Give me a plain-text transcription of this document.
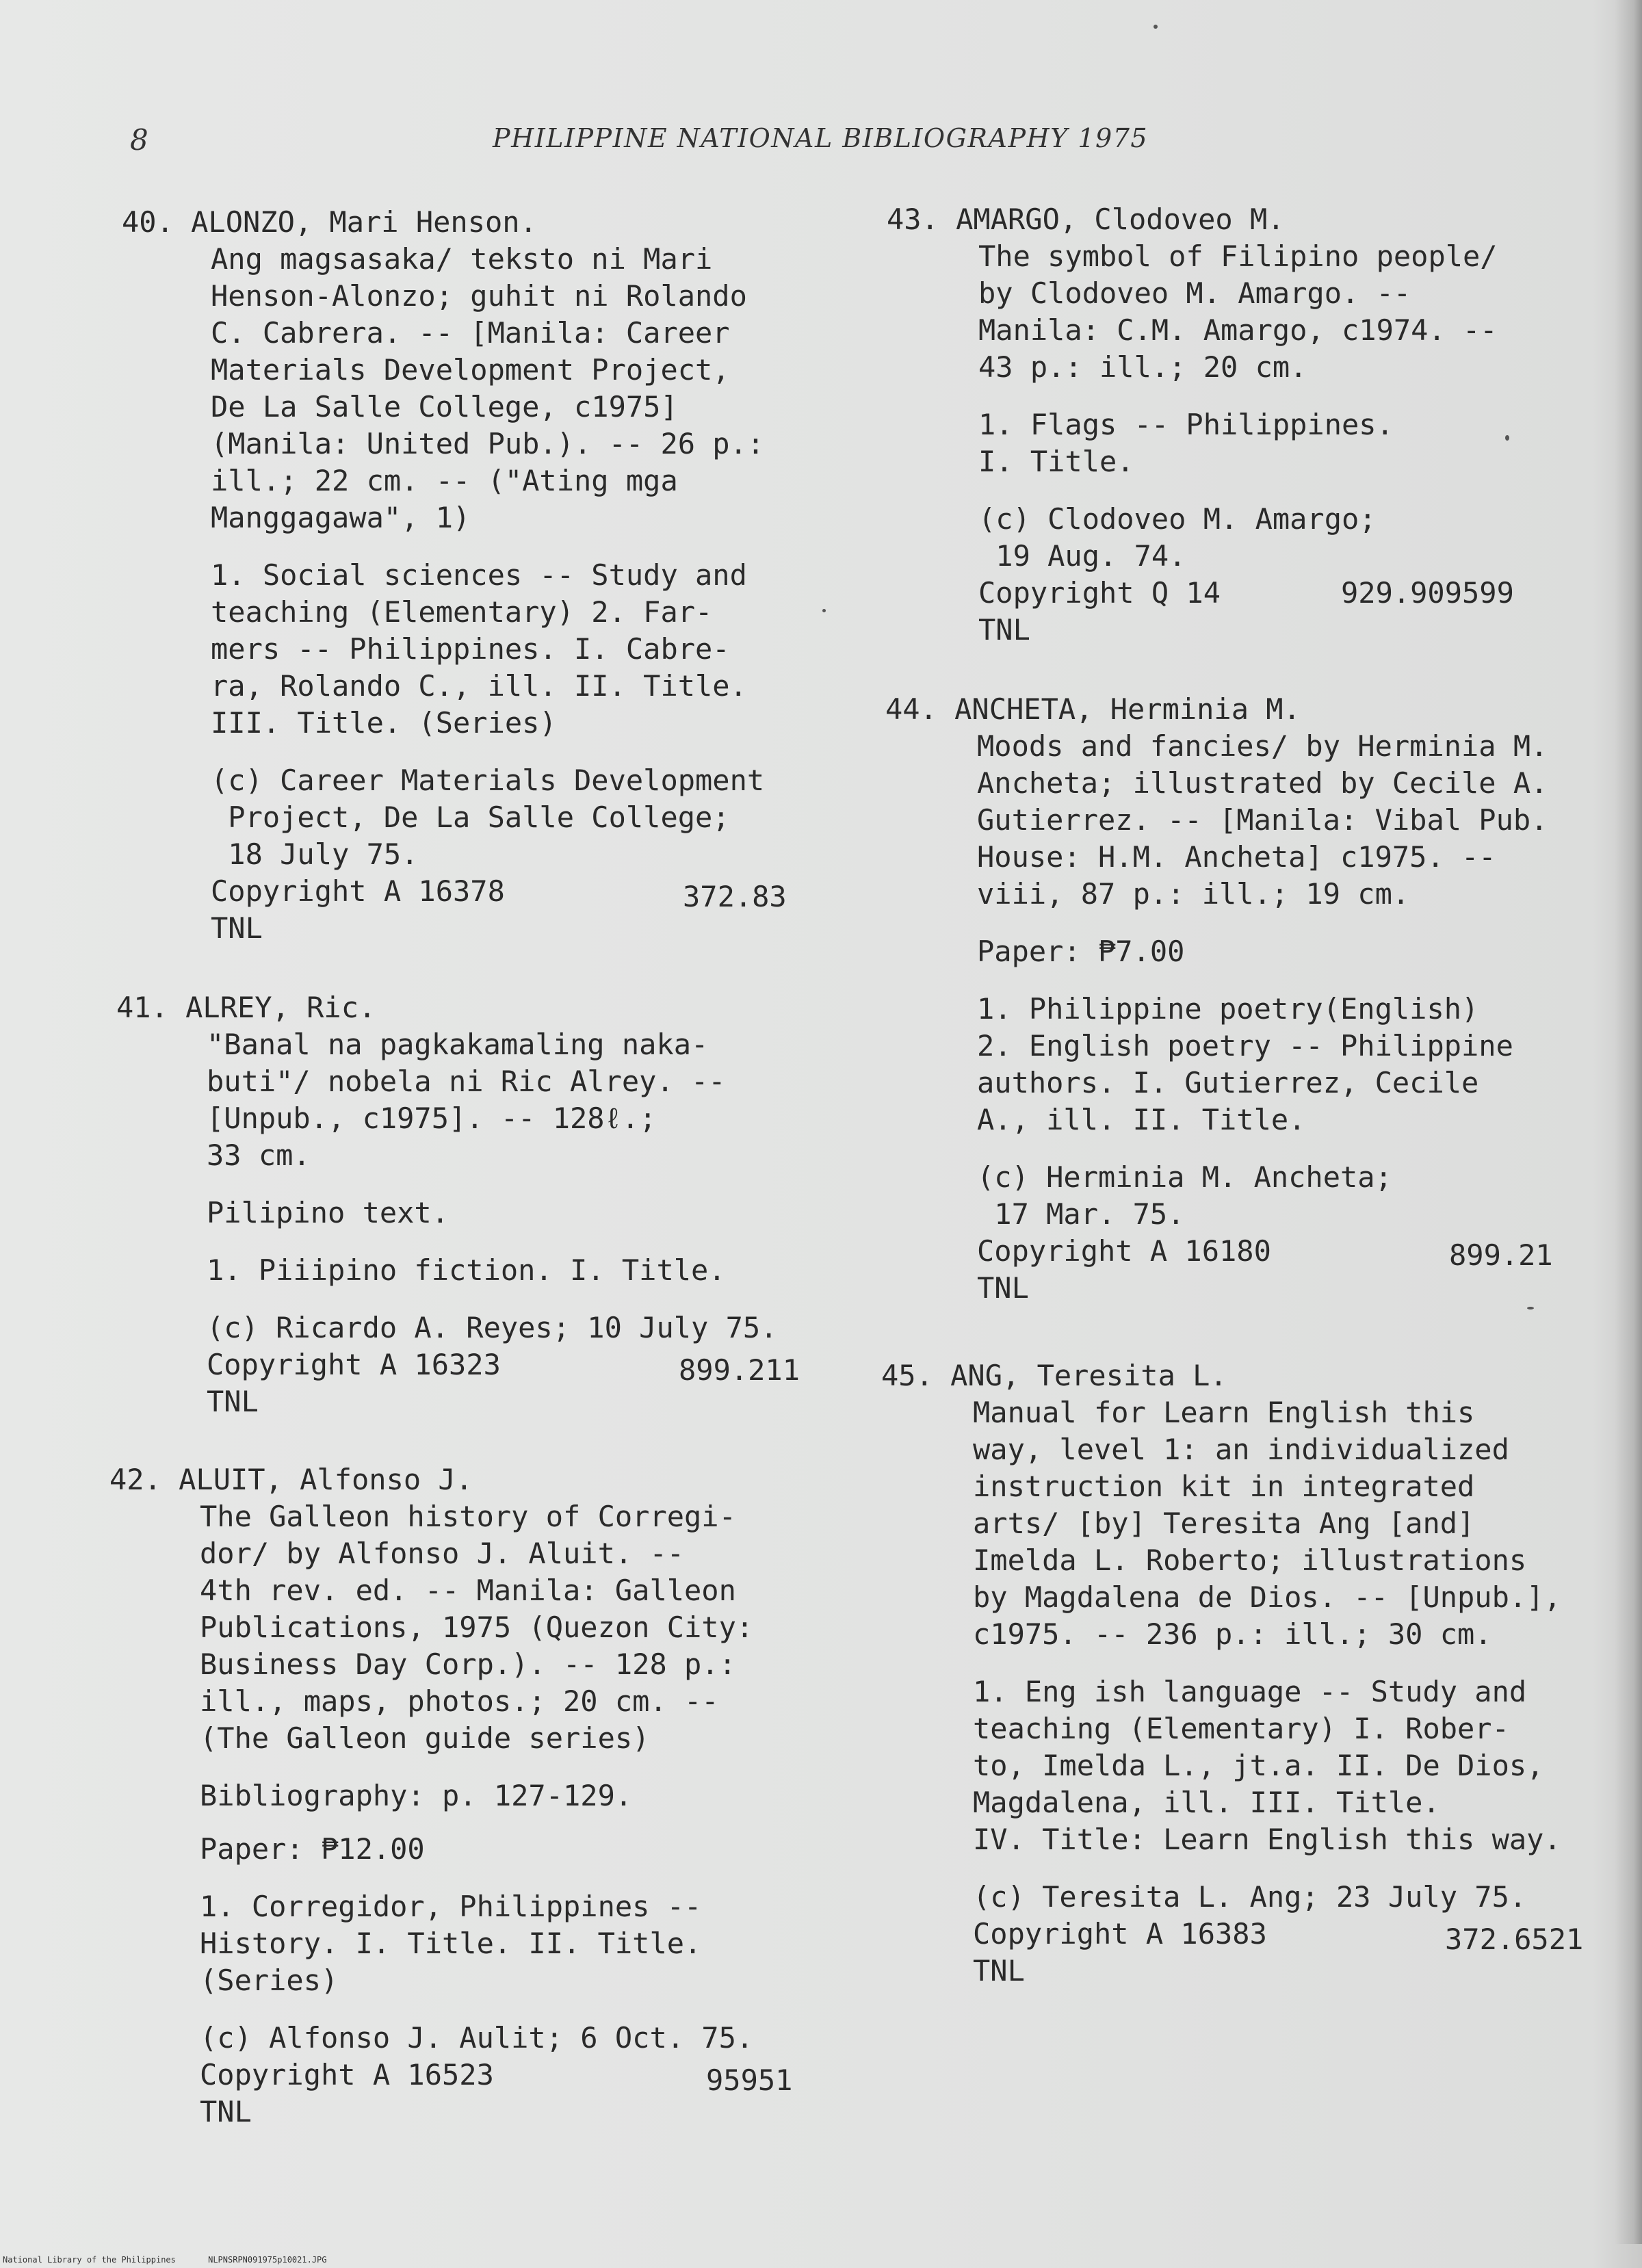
8	PHILIPPINE NATIONAL BIBLIOGRAPHY 1975
40. ALONZO, Mari Henson.
Ang magsasaka/ teksto ni Mari
Henson-Alonzo; guhit ni Rolando
C. Cabrera. -- [Manila: Career
Materials Development Project,
De La Salle College, c1975]
(Manila: United Pub.). -- 26 p.:
ill.; 22 cm. -- ("Ating mga
Manggagawa", 1)
1. Social sciences -- Study and
teaching (Elementary) 2. Far-
mers -- Philippines. I. Cabre-
ra, Rolando C., ill. II. Title.
III. Title. (Series)
(c) Career Materials Development
Project, De La Salle College;
18 July 75.
Copyright A 16378	372.83
TNL
41. ALREY, Ric.
"Banal na pagkakamaling naka-
buti"/ nobela ni Ric Alrey. --
[Unpub., c1975]. -- 128ℓ.;
33 cm.
Pilipino text.
1. Piiipino fiction. I. Title.
(c) Ricardo A. Reyes; 10 July 75.
Copyright A 16323	899.211
TNL
42. ALUIT, Alfonso J.
The Galleon history of Corregi-
dor/ by Alfonso J. Aluit. --
4th rev. ed. -- Manila: Galleon
Publications, 1975 (Quezon City:
Business Day Corp.). -- 128 p.:
ill., maps, photos.; 20 cm. --
(The Galleon guide series)
Bibliography: p. 127-129.
Paper: ₱12.00
1. Corregidor, Philippines --
History. I. Title. II. Title.
(Series)
(c) Alfonso J. Aulit; 6 Oct. 75.
Copyright A 16523	95951
TNL
43. AMARGO, Clodoveo M.
The symbol of Filipino people/
by Clodoveo M. Amargo. --
Manila: C.M. Amargo, c1974. --
43 p.: ill.; 20 cm.
1. Flags -- Philippines.
I. Title.
(c) Clodoveo M. Amargo;
19 Aug. 74.
Copyright Q 14	929.909599
TNL
44. ANCHETA, Herminia M.
Moods and fancies/ by Herminia M.
Ancheta; illustrated by Cecile A.
Gutierrez. -- [Manila: Vibal Pub.
House: H.M. Ancheta] c1975. --
viii, 87 p.: ill.; 19 cm.
Paper: ₱7.00
1. Philippine poetry(English)
2. English poetry -- Philippine
authors. I. Gutierrez, Cecile
A., ill. II. Title.
(c) Herminia M. Ancheta;
17 Mar. 75.
Copyright A 16180	899.21
TNL
45. ANG, Teresita L.
Manual for Learn English this
way, level 1: an individualized
instruction kit in integrated
arts/ [by] Teresita Ang [and]
Imelda L. Roberto; illustrations
by Magdalena de Dios. -- [Unpub.],
c1975. -- 236 p.: ill.; 30 cm.
1. Eng ish language -- Study and
teaching (Elementary) I. Rober-
to, Imelda L., jt.a. II. De Dios,
Magdalena, ill. III. Title.
IV. Title: Learn English this way.
(c) Teresita L. Ang; 23 July 75.
Copyright A 16383	372.6521
TNL
National Library of the Philippines	NLPNSRPN091975p10021.JPG
